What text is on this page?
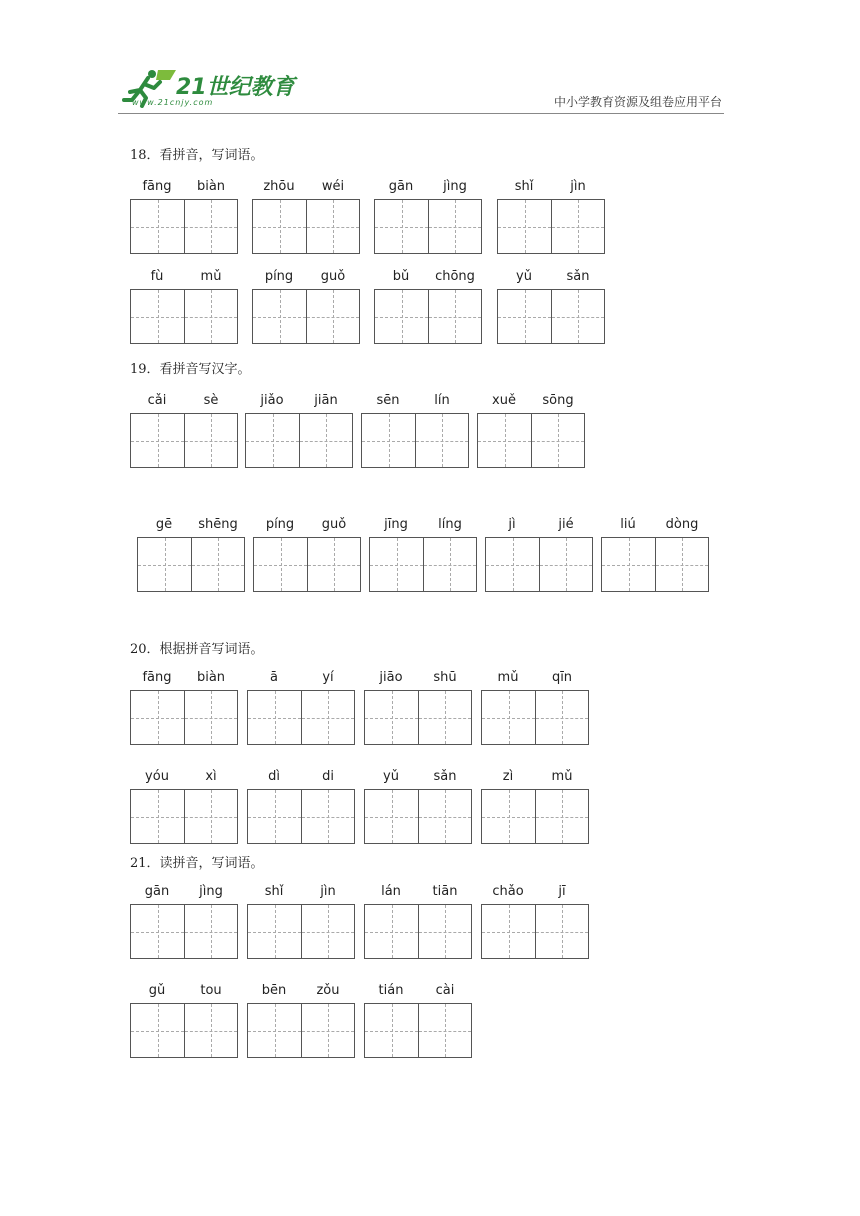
21世纪教育
www.21cnjy.com	中小学教育资源及组卷应用平台
18．看拼音，写词语。
fāng	biàn	zhōu	wéi	gān	jìng	shǐ	jìn
fù	mǔ	píng	guǒ	bǔ	chōng	yǔ	sǎn
19．看拼音写汉字。
cǎi	sè	jiǎo	jiān	sēn	lín	xuě	sōng
gē	shēng	píng	guǒ	jīng	líng	jì	jié	liú	dòng
20．根据拼音写词语。
fāng	biàn	ā	yí	jiāo	shū	mǔ	qīn
yóu	xì	dì	di	yǔ	sǎn	zì	mǔ
21．读拼音，写词语。
gān	jìng	shǐ	jìn	lán	tiān	chǎo	jī
gǔ	tou	bēn	zǒu	tián	cài
